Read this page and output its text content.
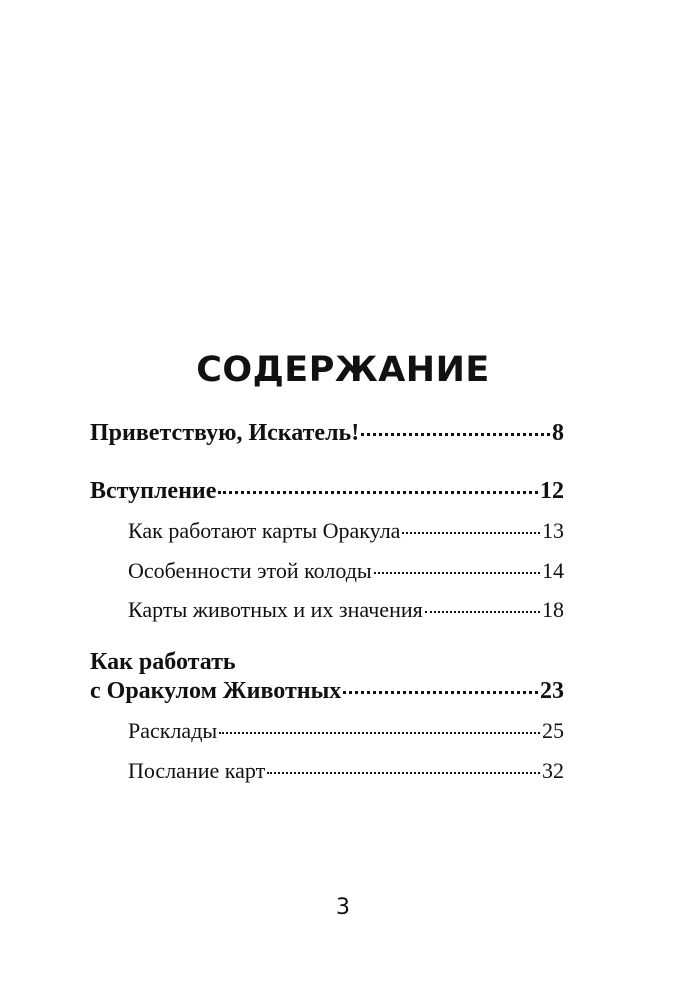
СОДЕРЖАНИЕ
Приветствую, Искатель!	8
Вступление	12
Как работают карты Оракула	13
Особенности этой колоды	14
Карты животных и их значения	18
Как работать
с Оракулом Животных	23
Расклады	25
Послание карт	32

3
